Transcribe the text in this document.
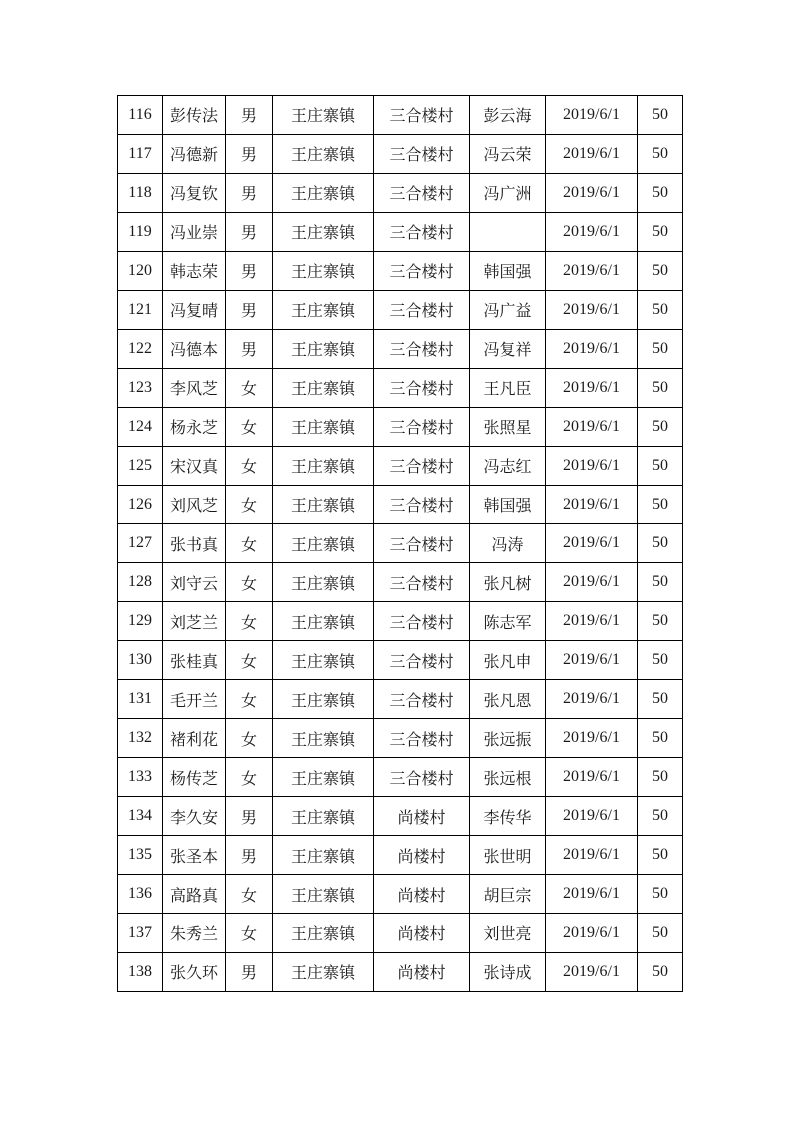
116	彭传法	男	王庄寨镇	三合楼村	彭云海	2019/6/1	50
117	冯德新	男	王庄寨镇	三合楼村	冯云荣	2019/6/1	50
118	冯复钦	男	王庄寨镇	三合楼村	冯广洲	2019/6/1	50
119	冯业崇	男	王庄寨镇	三合楼村		2019/6/1	50
120	韩志荣	男	王庄寨镇	三合楼村	韩国强	2019/6/1	50
121	冯复晴	男	王庄寨镇	三合楼村	冯广益	2019/6/1	50
122	冯德本	男	王庄寨镇	三合楼村	冯复祥	2019/6/1	50
123	李风芝	女	王庄寨镇	三合楼村	王凡臣	2019/6/1	50
124	杨永芝	女	王庄寨镇	三合楼村	张照星	2019/6/1	50
125	宋汉真	女	王庄寨镇	三合楼村	冯志红	2019/6/1	50
126	刘风芝	女	王庄寨镇	三合楼村	韩国强	2019/6/1	50
127	张书真	女	王庄寨镇	三合楼村	冯涛	2019/6/1	50
128	刘守云	女	王庄寨镇	三合楼村	张凡树	2019/6/1	50
129	刘芝兰	女	王庄寨镇	三合楼村	陈志军	2019/6/1	50
130	张桂真	女	王庄寨镇	三合楼村	张凡申	2019/6/1	50
131	毛开兰	女	王庄寨镇	三合楼村	张凡恩	2019/6/1	50
132	褚利花	女	王庄寨镇	三合楼村	张远振	2019/6/1	50
133	杨传芝	女	王庄寨镇	三合楼村	张远根	2019/6/1	50
134	李久安	男	王庄寨镇	尚楼村	李传华	2019/6/1	50
135	张圣本	男	王庄寨镇	尚楼村	张世明	2019/6/1	50
136	高路真	女	王庄寨镇	尚楼村	胡巨宗	2019/6/1	50
137	朱秀兰	女	王庄寨镇	尚楼村	刘世亮	2019/6/1	50
138	张久环	男	王庄寨镇	尚楼村	张诗成	2019/6/1	50
